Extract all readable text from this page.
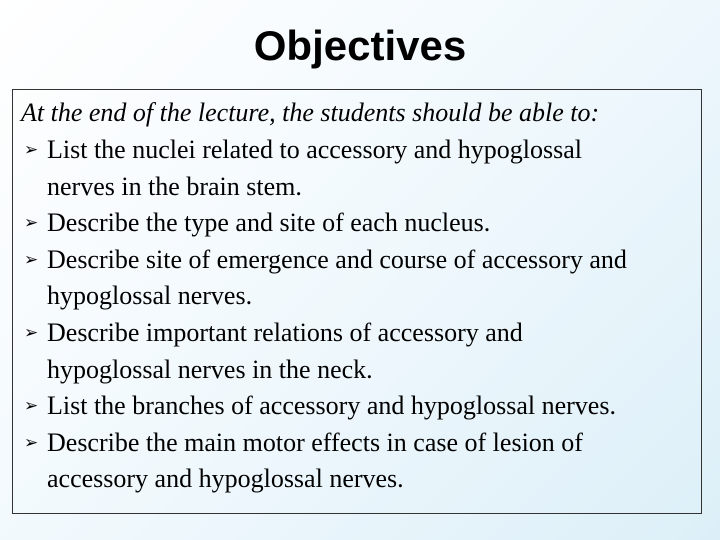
Objectives
At the end of the lecture, the students should be able to:
➢ List the nuclei related to accessory and hypoglossal
nerves in the brain stem.
➢ Describe the type and site of each nucleus.
➢ Describe site of emergence and course of accessory and
hypoglossal nerves.
➢ Describe important relations of accessory and
hypoglossal nerves in the neck.
➢ List the branches of accessory and hypoglossal nerves.
➢ Describe the main motor effects in case of lesion of
accessory and hypoglossal nerves.
